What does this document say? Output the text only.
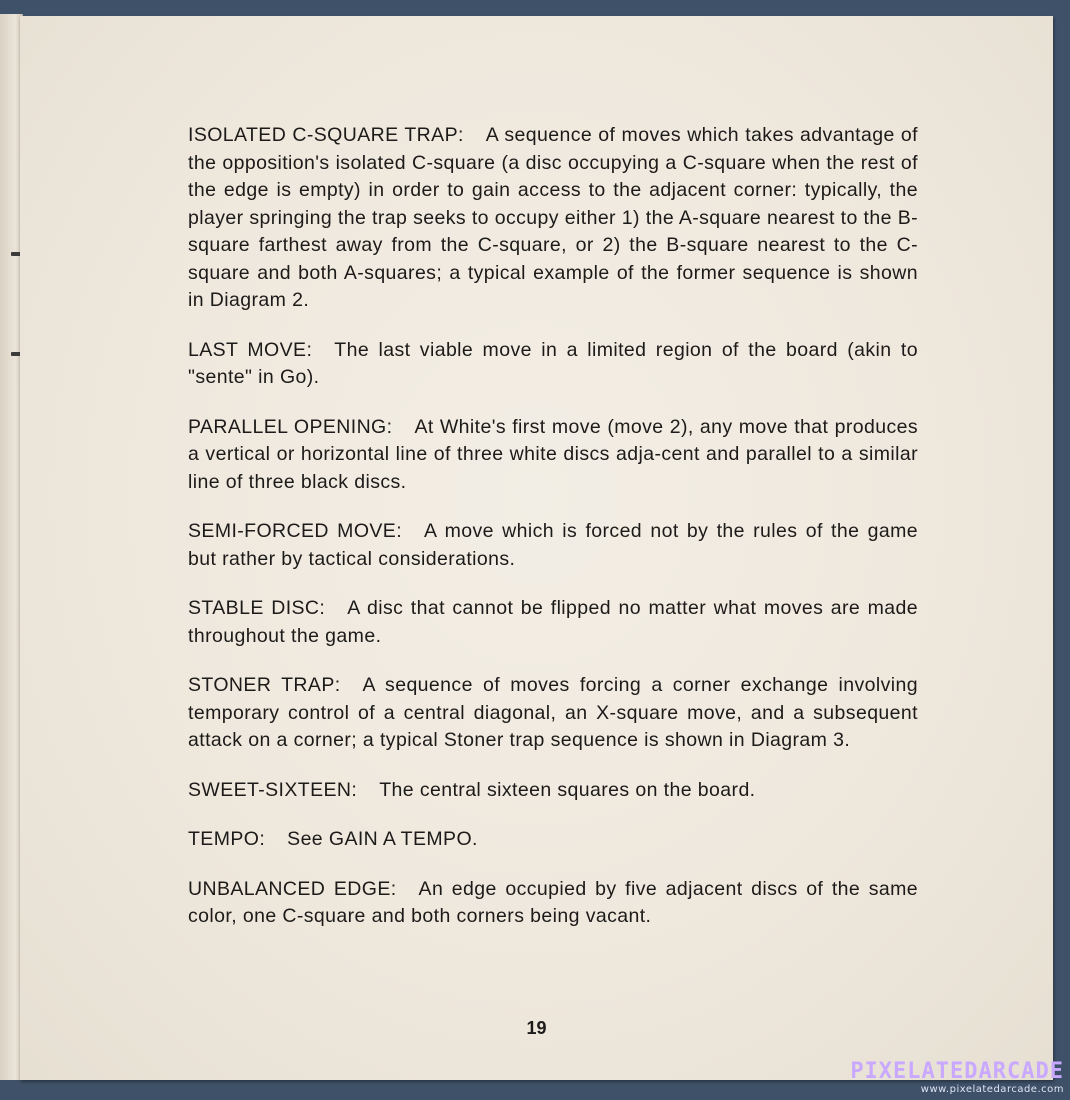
ISOLATED C-SQUARE TRAP: A sequence of moves which takes advantage of the opposition's isolated C-square (a disc occupying a C-square when the rest of the edge is empty) in order to gain access to the adjacent corner: typically, the player springing the trap seeks to occupy either 1) the A-square nearest to the B-square farthest away from the C-square, or 2) the B-square nearest to the C-square and both A-squares; a typical example of the former sequence is shown in Diagram 2.

LAST MOVE: The last viable move in a limited region of the board (akin to "sente" in Go).

PARALLEL OPENING: At White's first move (move 2), any move that produces a vertical or horizontal line of three white discs adja-cent and parallel to a similar line of three black discs.

SEMI-FORCED MOVE: A move which is forced not by the rules of the game but rather by tactical considerations.

STABLE DISC: A disc that cannot be flipped no matter what moves are made throughout the game.

STONER TRAP: A sequence of moves forcing a corner exchange involving temporary control of a central diagonal, an X-square move, and a subsequent attack on a corner; a typical Stoner trap sequence is shown in Diagram 3.

SWEET-SIXTEEN: The central sixteen squares on the board.

TEMPO: See GAIN A TEMPO.

UNBALANCED EDGE: An edge occupied by five adjacent discs of the same color, one C-square and both corners being vacant.

19
PIXELATEDARCADE
www.pixelatedarcade.com
